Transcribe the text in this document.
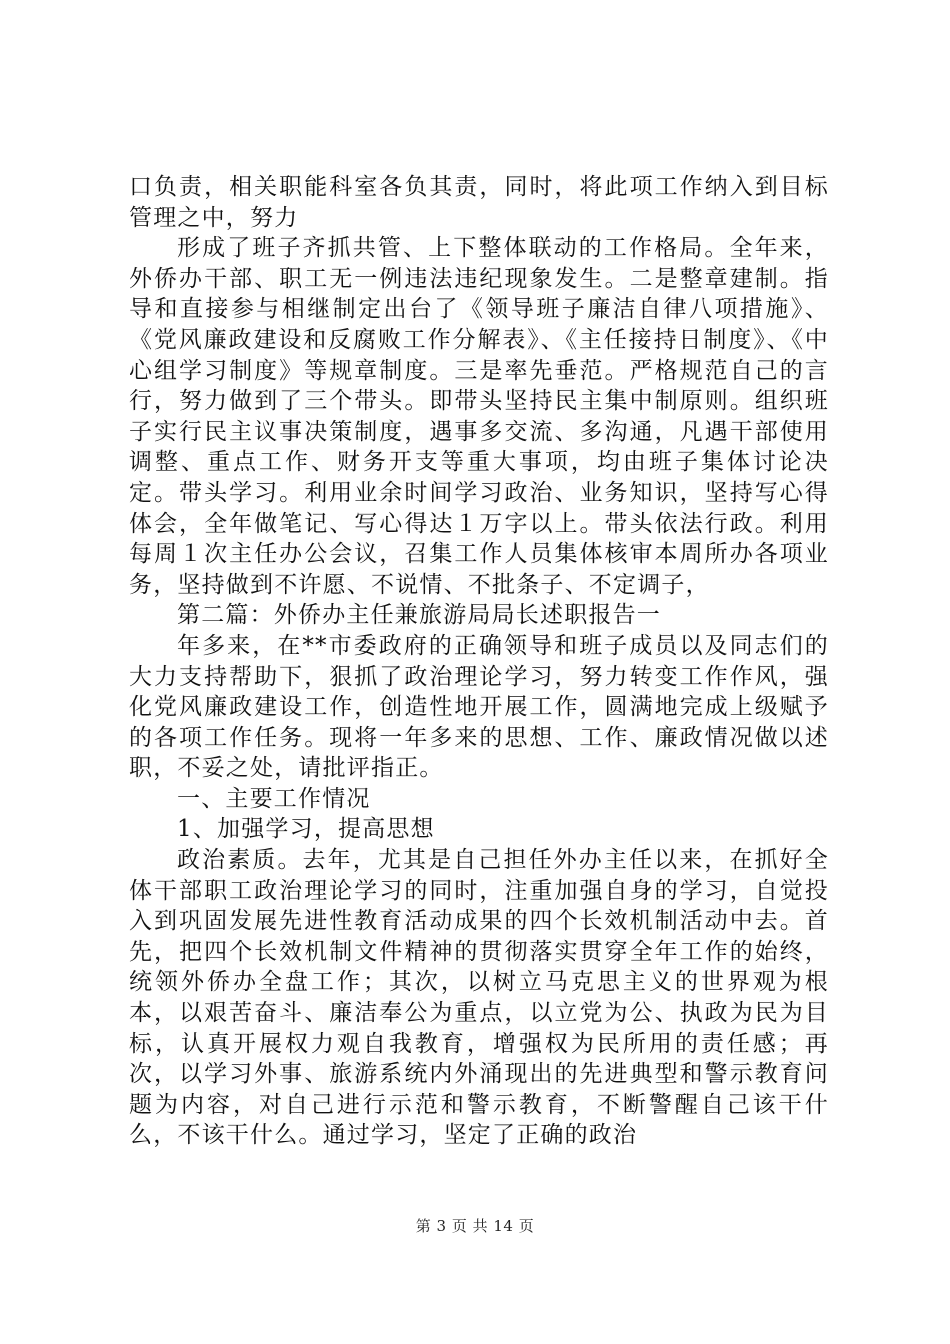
口负责，相关职能科室各负其责，同时，将此项工作纳入到目标管理之中，努力

形成了班子齐抓共管、上下整体联动的工作格局。全年来，外侨办干部、职工无一例违法违纪现象发生。二是整章建制。指导和直接参与相继制定出台了《领导班子廉洁自律八项措施》、《党风廉政建设和反腐败工作分解表》、《主任接持日制度》、《中心组学习制度》等规章制度。三是率先垂范。严格规范自己的言行，努力做到了三个带头。即带头坚持民主集中制原则。组织班子实行民主议事决策制度，遇事多交流、多沟通，凡遇干部使用调整、重点工作、财务开支等重大事项，均由班子集体讨论决定。带头学习。利用业余时间学习政治、业务知识，坚持写心得体会，全年做笔记、写心得达１万字以上。带头依法行政。利用每周１次主任办公会议，召集工作人员集体核审本周所办各项业务，坚持做到不许愿、不说情、不批条子、不定调子，

第二篇：外侨办主任兼旅游局局长述职报告一

年多来，在**市委政府的正确领导和班子成员以及同志们的大力支持帮助下，狠抓了政治理论学习，努力转变工作作风，强化党风廉政建设工作，创造性地开展工作，圆满地完成上级赋予的各项工作任务。现将一年多来的思想、工作、廉政情况做以述职，不妥之处，请批评指正。

一、主要工作情况

1、加强学习，提高思想

政治素质。去年，尤其是自己担任外办主任以来，在抓好全体干部职工政治理论学习的同时，注重加强自身的学习，自觉投入到巩固发展先进性教育活动成果的四个长效机制活动中去。首先，把四个长效机制文件精神的贯彻落实贯穿全年工作的始终，统领外侨办全盘工作；其次，以树立马克思主义的世界观为根本，以艰苦奋斗、廉洁奉公为重点，以立党为公、执政为民为目标，认真开展权力观自我教育，增强权为民所用的责任感；再次，以学习外事、旅游系统内外涌现出的先进典型和警示教育问题为内容，对自己进行示范和警示教育，不断警醒自己该干什么，不该干什么。通过学习，坚定了正确的政治

第 3 页 共 14 页
